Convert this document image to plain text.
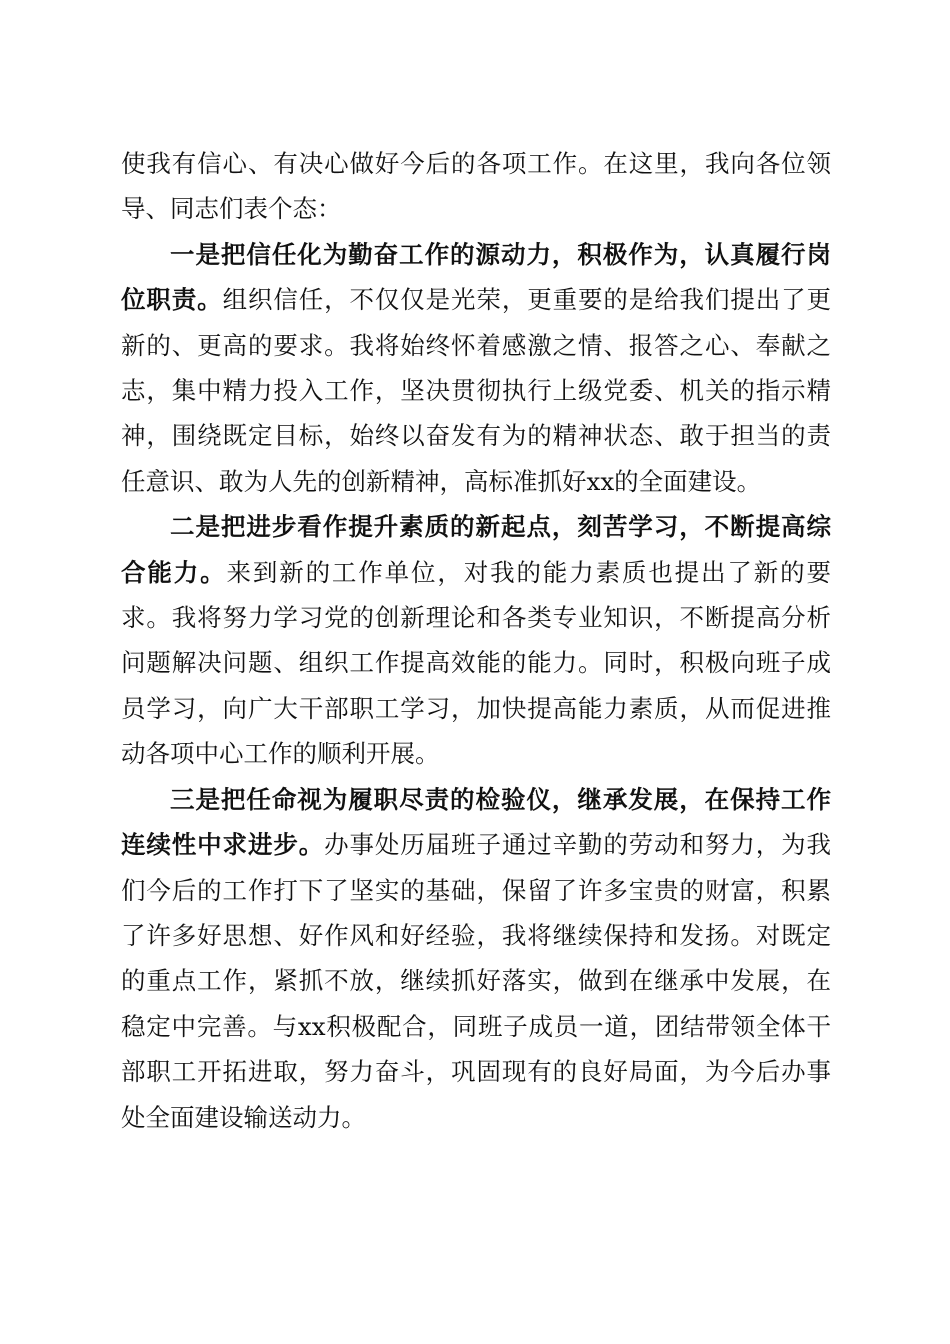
使我有信心、有决心做好今后的各项工作。在这里，我向各位领导、同志们表个态：

一是把信任化为勤奋工作的源动力，积极作为，认真履行岗位职责。组织信任，不仅仅是光荣，更重要的是给我们提出了更新的、更高的要求。我将始终怀着感激之情、报答之心、奉献之志，集中精力投入工作，坚决贯彻执行上级党委、机关的指示精神，围绕既定目标，始终以奋发有为的精神状态、敢于担当的责任意识、敢为人先的创新精神，高标准抓好xx的全面建设。

二是把进步看作提升素质的新起点，刻苦学习，不断提高综合能力。来到新的工作单位，对我的能力素质也提出了新的要求。我将努力学习党的创新理论和各类专业知识，不断提高分析问题解决问题、组织工作提高效能的能力。同时，积极向班子成员学习，向广大干部职工学习，加快提高能力素质，从而促进推动各项中心工作的顺利开展。

三是把任命视为履职尽责的检验仪，继承发展，在保持工作连续性中求进步。办事处历届班子通过辛勤的劳动和努力，为我们今后的工作打下了坚实的基础，保留了许多宝贵的财富，积累了许多好思想、好作风和好经验，我将继续保持和发扬。对既定的重点工作，紧抓不放，继续抓好落实，做到在继承中发展，在稳定中完善。与xx积极配合，同班子成员一道，团结带领全体干部职工开拓进取，努力奋斗，巩固现有的良好局面，为今后办事处全面建设输送动力。
